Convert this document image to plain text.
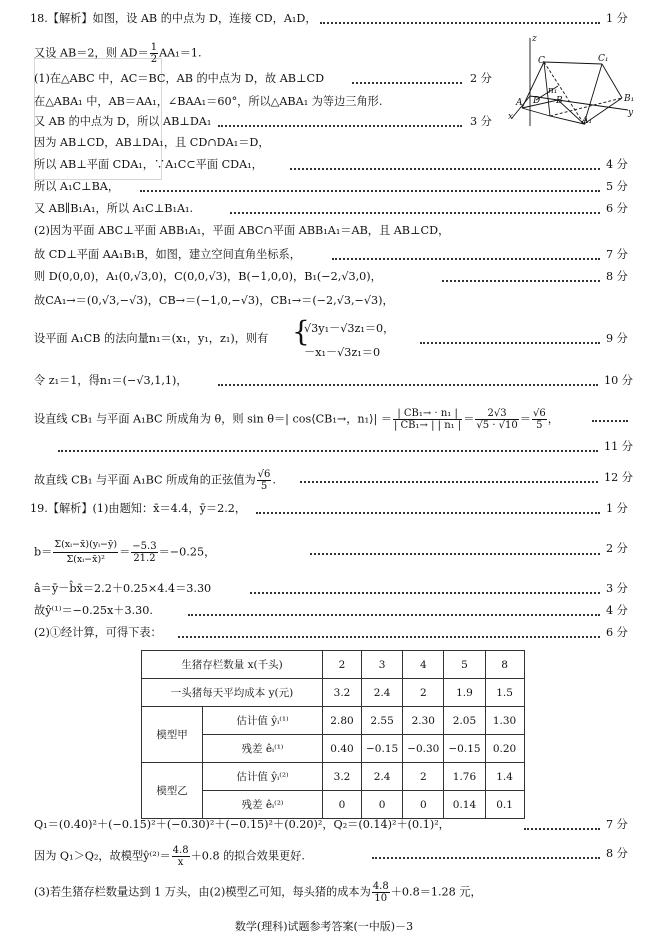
18.【解析】如图，设 AB 的中点为 D，连接 CD，A₁D，	1 分
又设 AB＝2，则 $AD= \frac{1}{2} AA_1=1$.
(1)在△ABC 中，AC＝BC，AB 的中点为 D，故 AB⊥CD	2 分
在△ABA₁ 中，AB＝AA₁，∠BAA₁＝60°，所以△ABA₁ 为等边三角形.
又 AB 的中点为 D，所以 AB⊥DA₁	3 分
因为 AB⊥CD，AB⊥DA₁，且 CD∩DA₁＝D，
所以 AB⊥平面 CDA₁，∵A₁C⊂平面 CDA₁，	4 分
所以 A₁C⊥BA，	5 分
又 AB∥B₁A₁，所以 A₁C⊥B₁A₁.	6 分
(2)因为平面 ABC⊥平面 ABB₁A₁，平面 ABC∩平面 ABB₁A₁＝AB，且 AB⊥CD，
故 CD⊥平面 AA₁B₁B，如图，建立空间直角坐标系，	7 分
则 D(0,0,0)，A₁(0,√3,0)，C(0,0,√3)，B(−1,0,0)，B₁(−2,√3,0)，	8 分
故CA₁→＝(0,√3,−√3)，CB→＝(−1,0,−√3)，CB₁→＝(−2,√3,−√3)，
设平面 A₁CB 的法向量n₁＝(x₁，y₁，z₁)，则有 {
√3y₁－√3z₁＝0，
－x₁－√3z₁＝0
9 分
令 z₁＝1，得n₁＝(−√3,1,1)，	10 分
设直线 CB₁ 与平面 A₁BC 所成角为 θ，则 sin θ＝| cos⟨CB₁→，n₁⟩| ＝ $\frac{\text{| CB₁→ · n₁ |}}{\text{| CB₁→ | | n₁ |}} = \frac{2√3}{√5 \cdot √10} = \frac{√6}{5}$ ，
11 分
故直线 CB₁ 与平面 A₁BC 所成角的正弦值为 $\frac{√6}{5}$ .	12 分
19.【解析】(1)由题知：x̄＝4.4，ȳ＝2.2，	1 分
$b= \frac{\text{Σ(xᵢ−x̄)(yᵢ−ȳ)}}{\text{Σ(xᵢ−x̄)²}} = \frac{-5.3}{21.2} =-0.25$，	2 分
â＝ȳ－b̂x̄＝2.2＋0.25×4.4＝3.30	3 分
故ŷ⁽¹⁾＝−0.25x＋3.30.	4 分
(2)①经计算，可得下表：	6 分
生猪存栏数量 x(千头)		2	3	4	5	8
一头猪每天平均成本 y(元)		3.2	2.4	2	1.9	1.5
模型甲	估计值 ŷᵢ⁽¹⁾	2.80	2.55	2.30	2.05	1.30
	残差 êᵢ⁽¹⁾	0.40	−0.15	−0.30	−0.15	0.20
模型乙	估计值 ŷᵢ⁽²⁾	3.2	2.4	2	1.76	1.4
	残差 êᵢ⁽²⁾	0	0	0	0.14	0.1
Q₁＝(0.40)²＋(−0.15)²＋(−0.30)²＋(−0.15)²＋(0.20)²，Q₂＝(0.14)²＋(0.1)²，	7 分
因为 Q₁＞Q₂，故模型ŷ⁽²⁾＝ $\frac{4.8}{x} +0.8$ 的拟合效果更好.	8 分
(3)若生猪存栏数量达到 1 万头，由(2)模型乙可知，每头猪的成本为 $\frac{4.8}{10} +0.8=1.28$ 元，
z
C	C₁
A D
n₁
B	B₁
A₁
x	y
数学(理科)试题参考答案(一中版)－3
